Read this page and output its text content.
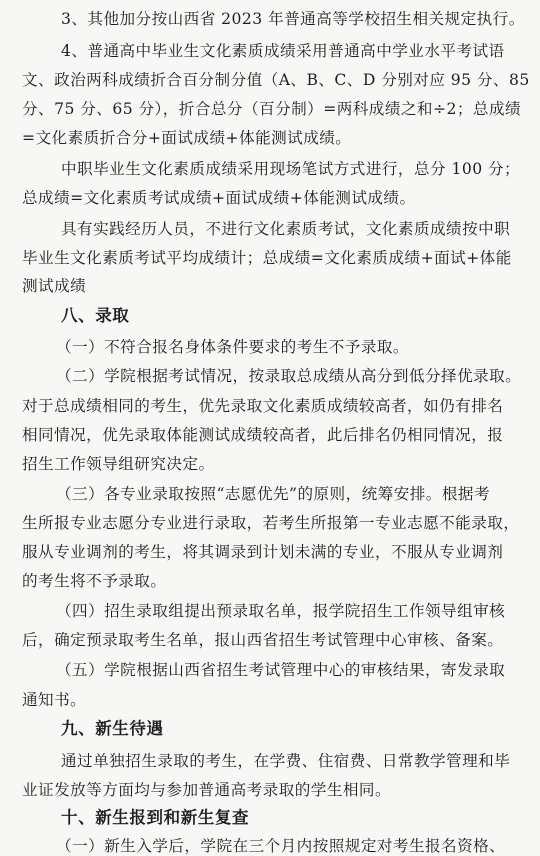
3、其他加分按山西省 2023 年普通高等学校招生相关规定执行。
4、普通高中毕业生文化素质成绩采用普通高中学业水平考试语
文、政治两科成绩折合百分制分值（A、B、C、D 分别对应 95 分、85
分、75 分、65 分），折合总分（百分制）=两科成绩之和÷2；总成绩
=文化素质折合分+面试成绩+体能测试成绩。
中职毕业生文化素质成绩采用现场笔试方式进行，总分 100 分；
总成绩=文化素质考试成绩+面试成绩+体能测试成绩。
具有实践经历人员，不进行文化素质考试，文化素质成绩按中职
毕业生文化素质考试平均成绩计；总成绩=文化素质成绩+面试+体能
测试成绩
八、录取
（一）不符合报名身体条件要求的考生不予录取。
（二）学院根据考试情况，按录取总成绩从高分到低分择优录取。
对于总成绩相同的考生，优先录取文化素质成绩较高者，如仍有排名
相同情况，优先录取体能测试成绩较高者，此后排名仍相同情况，报
招生工作领导组研究决定。
（三）各专业录取按照“志愿优先”的原则，统筹安排。根据考
生所报专业志愿分专业进行录取，若考生所报第一专业志愿不能录取，
服从专业调剂的考生，将其调录到计划未满的专业，不服从专业调剂
的考生将不予录取。
（四）招生录取组提出预录取名单，报学院招生工作领导组审核
后，确定预录取考生名单，报山西省招生考试管理中心审核、备案。
（五）学院根据山西省招生考试管理中心的审核结果，寄发录取
通知书。
九、新生待遇
通过单独招生录取的考生，在学费、住宿费、日常教学管理和毕
业证发放等方面均与参加普通高考录取的学生相同。
十、新生报到和新生复查
（一）新生入学后，学院在三个月内按照规定对考生报名资格、
